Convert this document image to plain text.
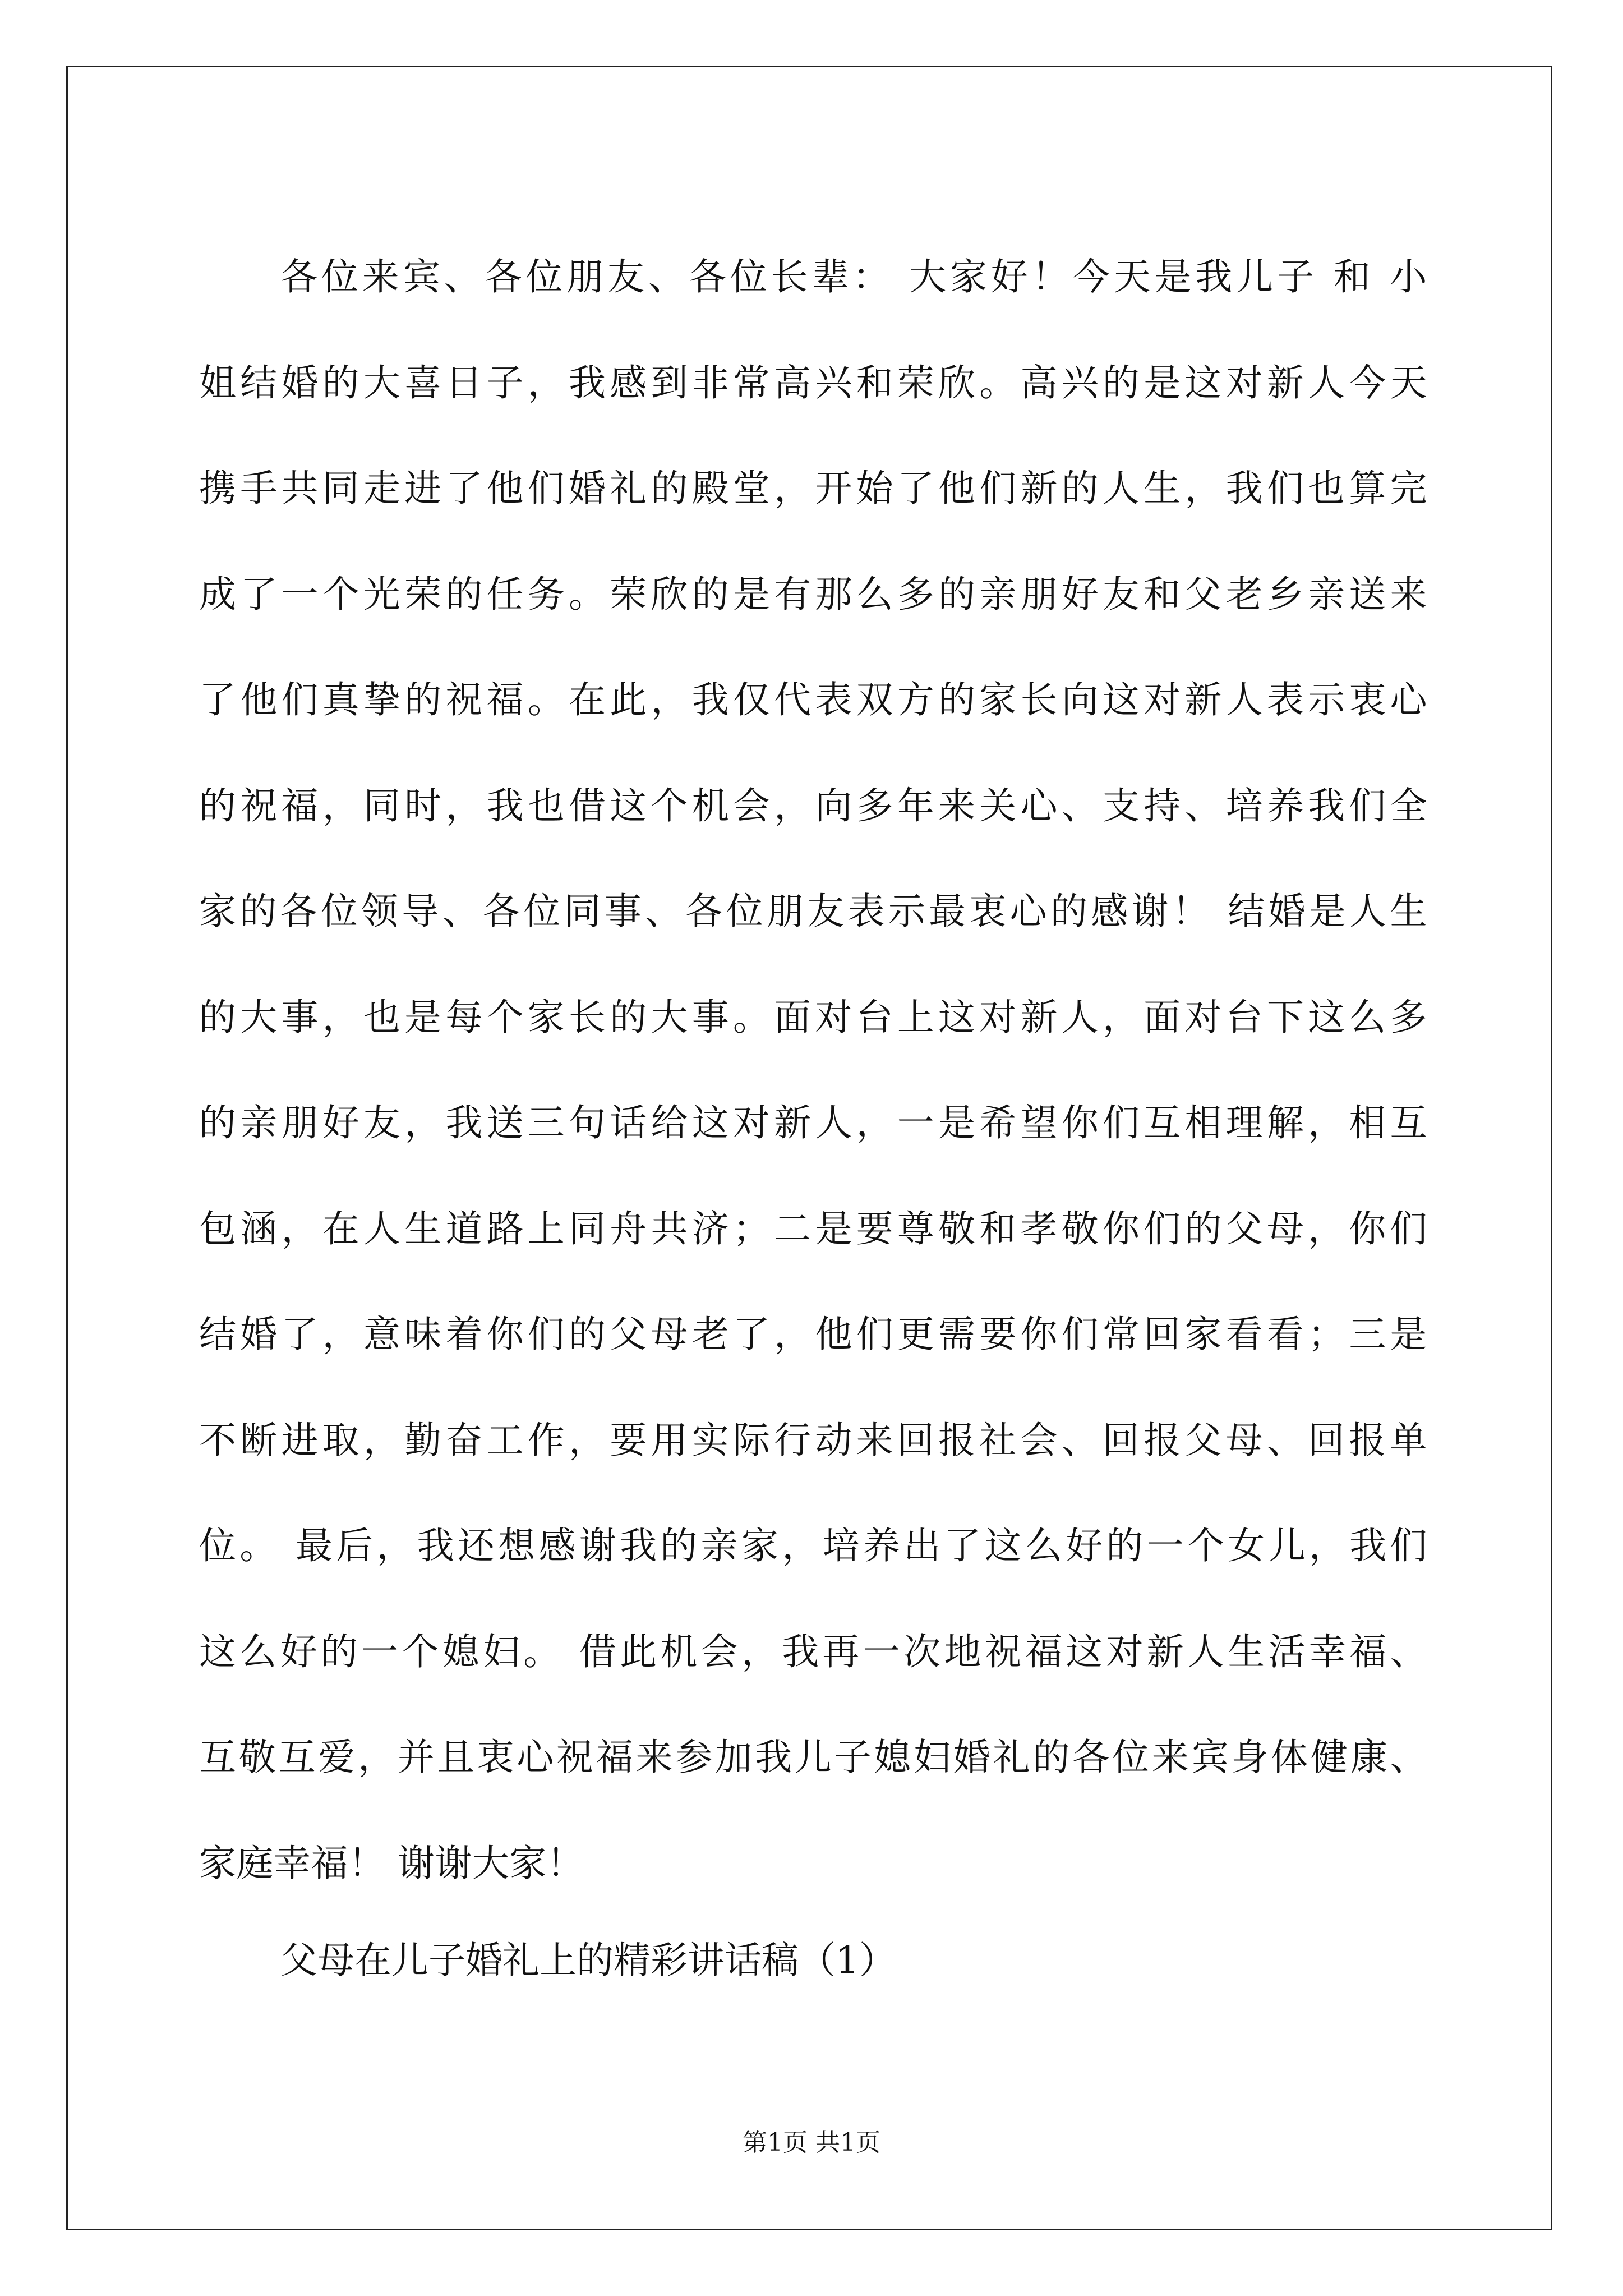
各位来宾、各位朋友、各位长辈： 大家好！今天是我儿子 和 小
姐结婚的大喜日子，我感到非常高兴和荣欣。高兴的是这对新人今天
携手共同走进了他们婚礼的殿堂，开始了他们新的人生，我们也算完
成了一个光荣的任务。荣欣的是有那么多的亲朋好友和父老乡亲送来
了他们真挚的祝福。在此，我仅代表双方的家长向这对新人表示衷心
的祝福，同时，我也借这个机会，向多年来关心、支持、培养我们全
家的各位领导、各位同事、各位朋友表示最衷心的感谢！ 结婚是人生
的大事，也是每个家长的大事。面对台上这对新人，面对台下这么多
的亲朋好友，我送三句话给这对新人，一是希望你们互相理解，相互
包涵，在人生道路上同舟共济；二是要尊敬和孝敬你们的父母，你们
结婚了，意味着你们的父母老了，他们更需要你们常回家看看；三是
不断进取，勤奋工作，要用实际行动来回报社会、回报父母、回报单
位。 最后，我还想感谢我的亲家，培养出了这么好的一个女儿，我们
这么好的一个媳妇。 借此机会，我再一次地祝福这对新人生活幸福、
互敬互爱，并且衷心祝福来参加我儿子媳妇婚礼的各位来宾身体健康、
家庭幸福！ 谢谢大家！
父母在儿子婚礼上的精彩讲话稿（1）
第1页 共1页
